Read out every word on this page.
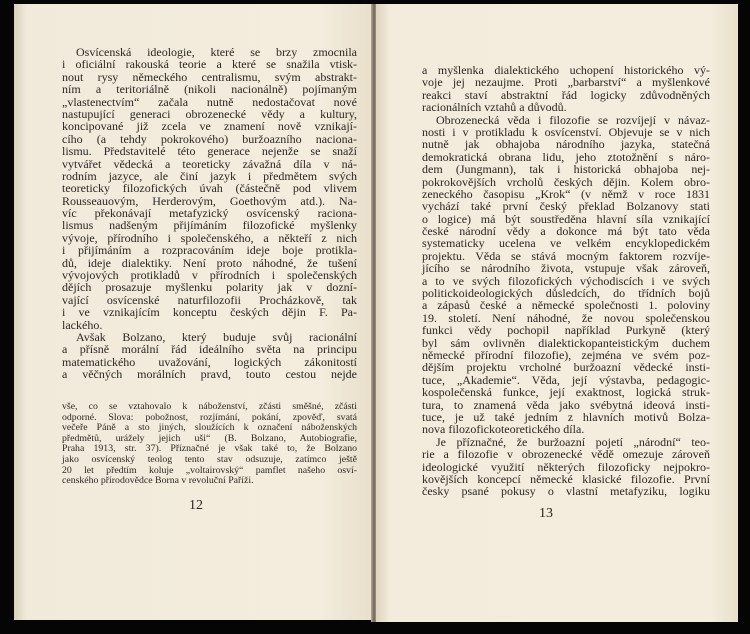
Osvícenská ideologie, které se brzy zmocnila
i oficiální rakouská teorie a které se snažila vtisk-
nout rysy německého centralismu, svým abstrakt-
ním a teritoriálně (nikoli nacionálně) pojímaným
„vlastenectvím“ začala nutně nedostačovat nové
nastupující generaci obrozenecké vědy a kultury,
koncipované již zcela ve znamení nově vznikají-
cího (a tehdy pokrokového) buržoazního naciona-
lismu. Představitelé této generace nejenže se snaží
vytvářet vědecká a teoreticky závažná díla v ná-
rodním jazyce, ale činí jazyk i předmětem svých
teoreticky filozofických úvah (částečně pod vlivem
Rousseauovým, Herderovým, Goethovým atd.). Na-
víc překonávají metafyzický osvícenský raciona-
lismus nadšeným přijímáním filozofické myšlenky
vývoje, přírodního i společenského, a někteří z nich
i přijímáním a rozpracováním ideje boje protikla-
dů, ideje dialektiky. Není proto náhodné, že tušení
vývojových protikladů v přírodních i společenských
dějích prosazuje myšlenku polarity jak v dozní-
vající osvícenské naturfilozofii Procházkově, tak
i ve vznikajícím konceptu českých dějin F. Pa-
lackého.
Avšak Bolzano, který buduje svůj racionální
a přísně morální řád ideálního světa na principu
matematického uvažování, logických zákonitostí
a věčných morálních pravd, touto cestou nejde
vše, co se vztahovalo k náboženství, zčásti směšné, zčásti
odporné. Slova: pobožnost, rozjímání, pokání, zpověď, svatá
večeře Páně a sto jiných, sloužících k označení náboženských
předmětů, urážely jejich uši“ (B. Bolzano, Autobiografie,
Praha 1913, str. 37). Příznačné je však také to, že Bolzano
jako osvícenský teolog tento stav odsuzuje, zatímco ještě
20 let předtím koluje „voltairovský“ pamflet našeho osví-
cenského přírodovědce Borna v revoluční Paříži.
12
a myšlenka dialektického uchopení historického vý-
voje jej nezaujme. Proti „barbarství“ a myšlenkové
reakci staví abstraktní řád logicky zdůvodněných
racionálních vztahů a důvodů.
Obrozenecká věda i filozofie se rozvíjejí v návaz-
nosti i v protikladu k osvícenství. Objevuje se v nich
nutně jak obhajoba národního jazyka, statečná
demokratická obrana lidu, jeho ztotožnění s náro-
dem (Jungmann), tak i historická obhajoba nej-
pokrokovějších vrcholů českých dějin. Kolem obro-
zeneckého časopisu „Krok“ (v němž v roce 1831
vychází také první český překlad Bolzanovy stati
o logice) má být soustředěna hlavní síla vznikající
české národní vědy a dokonce má být tato věda
systematicky ucelena ve velkém encyklopedickém
projektu. Věda se stává mocným faktorem rozvíje-
jícího se národního života, vstupuje však zároveň,
a to ve svých filozofických východiscích i ve svých
politickoideologických důsledcích, do třídních bojů
a zápasů české a německé společnosti 1. poloviny
19. století. Není náhodné, že novou společenskou
funkci vědy pochopil například Purkyně (který
byl sám ovlivněn dialektickopanteistickým duchem
německé přírodní filozofie), zejména ve svém poz-
dějším projektu vrcholné buržoazní vědecké insti-
tuce, „Akademie“. Věda, její výstavba, pedagogic-
kospolečenská funkce, její exaktnost, logická struk-
tura, to znamená věda jako svébytná ideová insti-
tuce, je už také jedním z hlavních motivů Bolza-
nova filozofickoteoretického díla.
Je příznačné, že buržoazní pojetí „národní“ teo-
rie a filozofie v obrozenecké vědě omezuje zároveň
ideologické využití některých filozoficky nejpokro-
kovějších koncepcí německé klasické filozofie. První
česky psané pokusy o vlastní metafyziku, logiku
13
